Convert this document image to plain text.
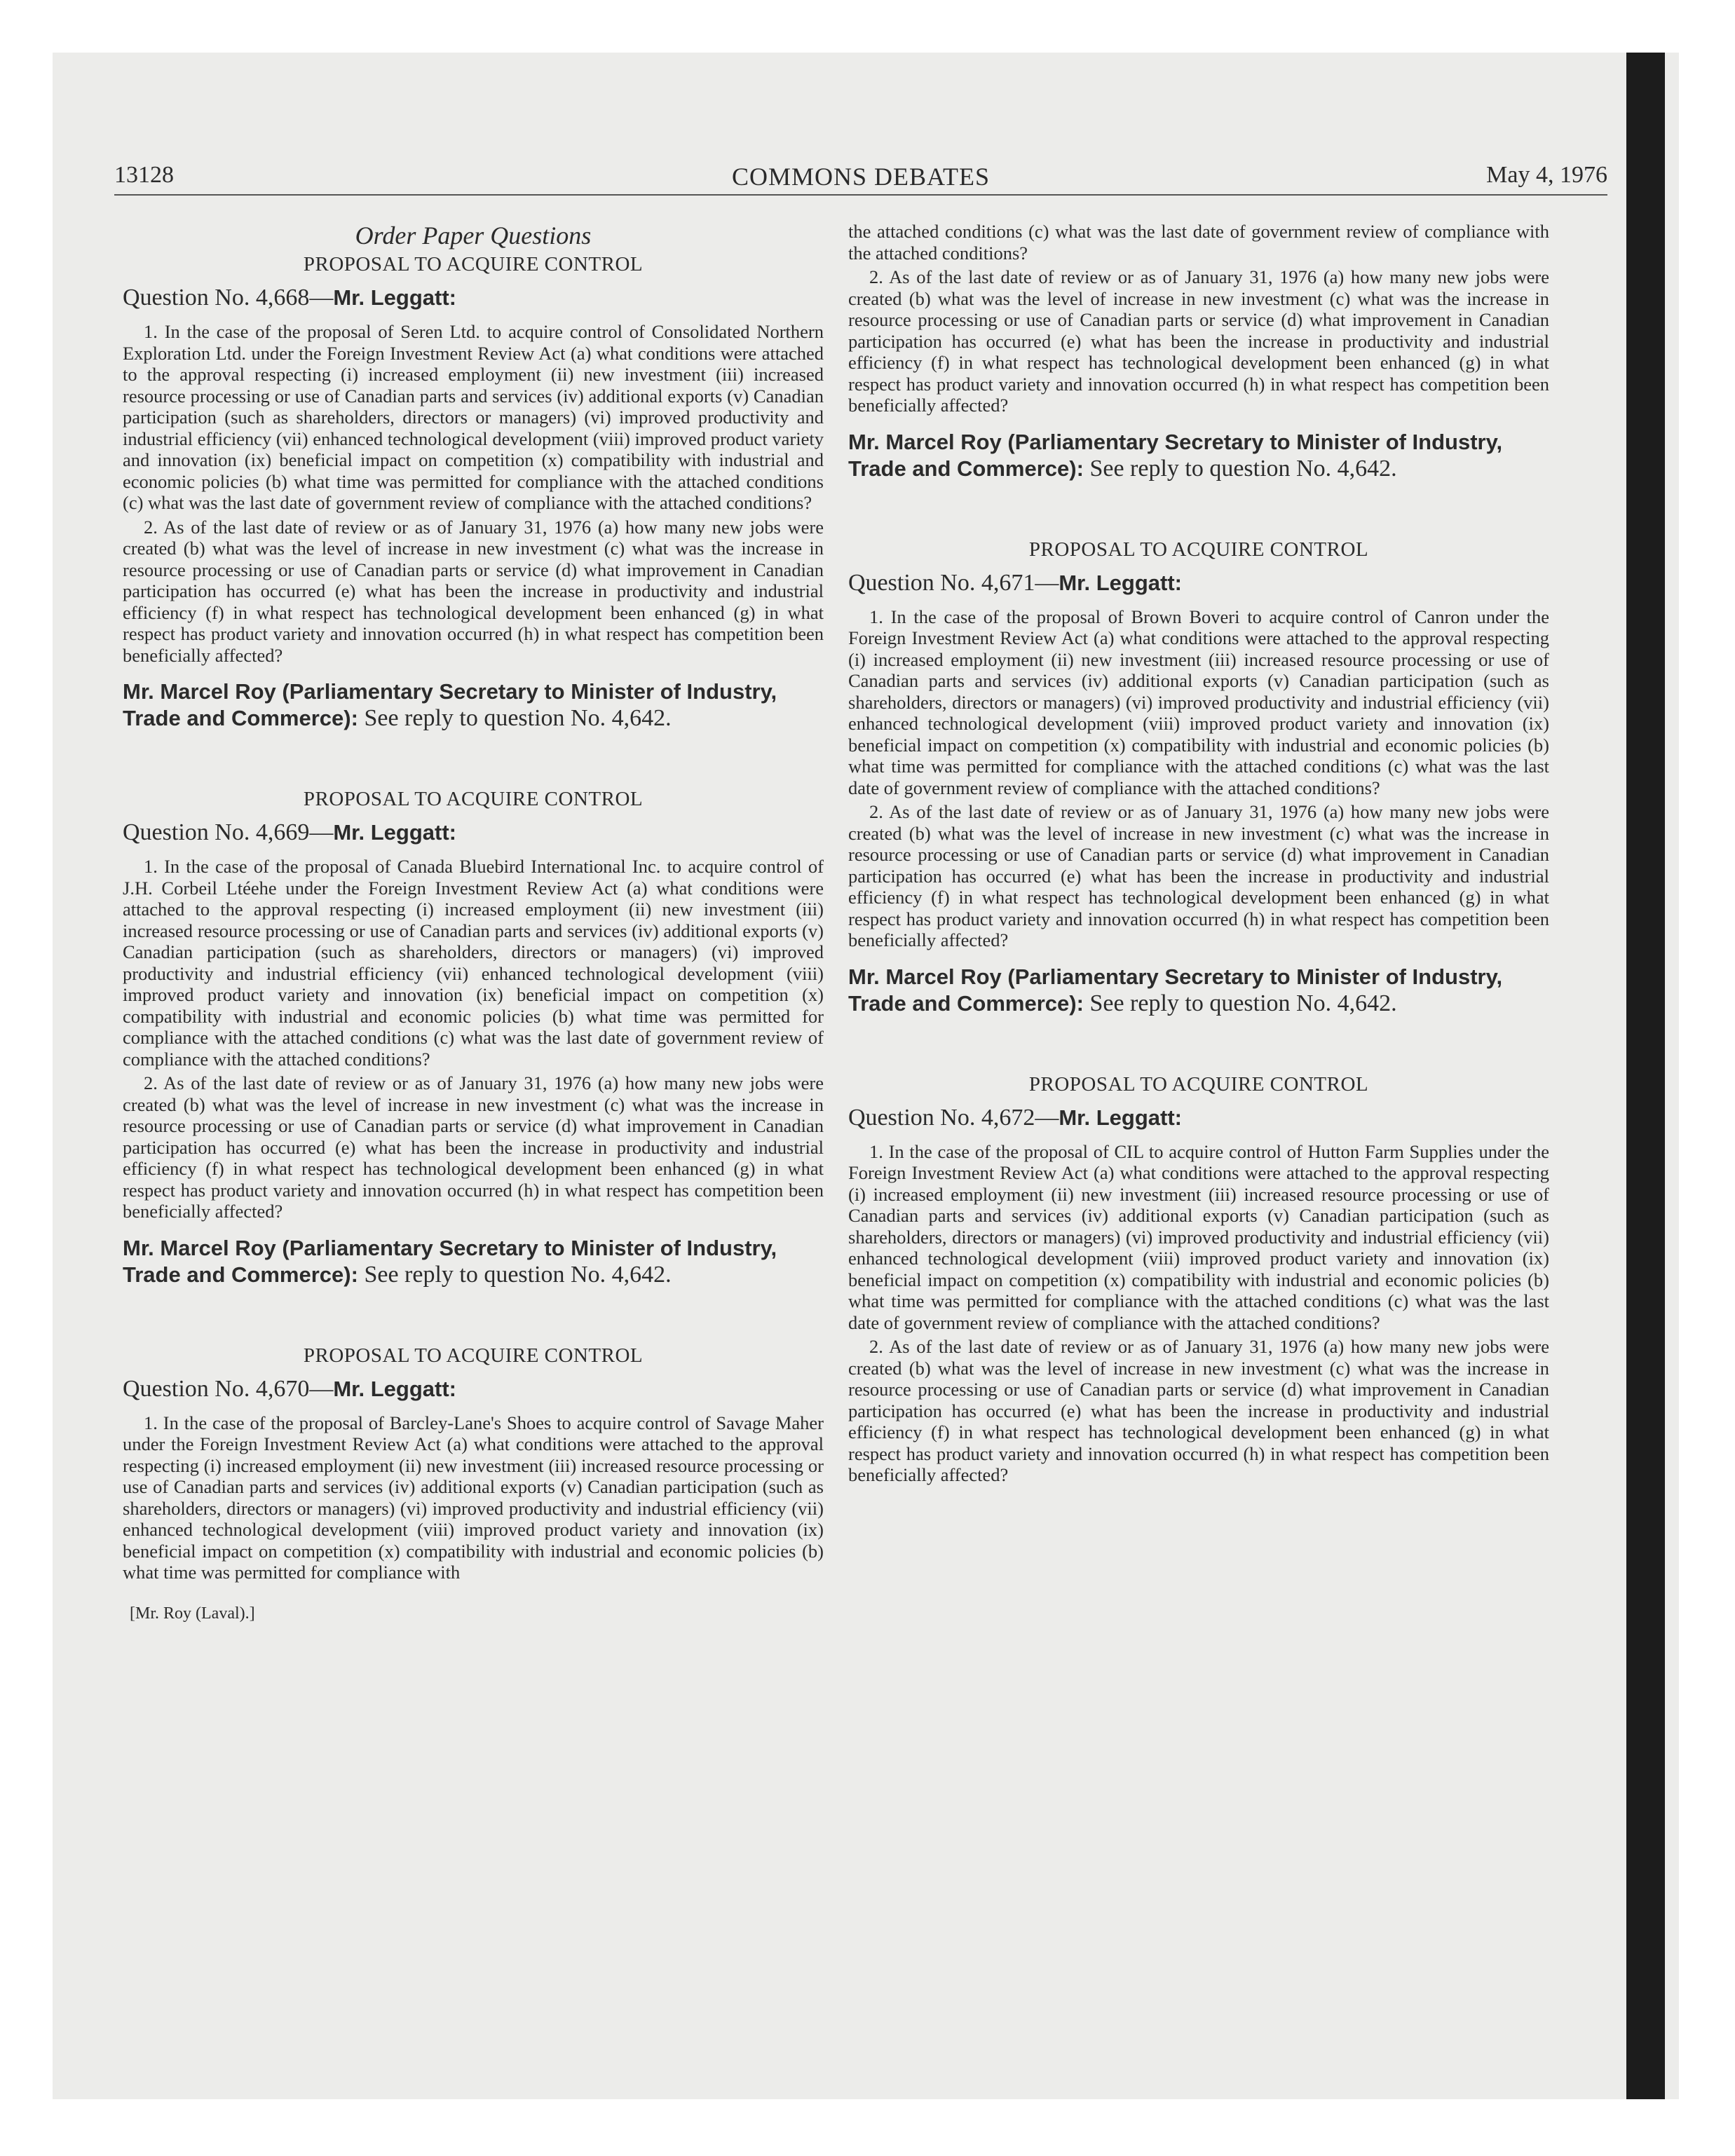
13128	COMMONS DEBATES	May 4, 1976

Order Paper Questions

PROPOSAL TO ACQUIRE CONTROL

Question No. 4,668—Mr. Leggatt:

1. In the case of the proposal of Seren Ltd. to acquire control of Consolidated Northern Exploration Ltd. under the Foreign Investment Review Act (a) what conditions were attached to the approval respecting (i) increased employment (ii) new investment (iii) increased resource processing or use of Canadian parts and services (iv) additional exports (v) Canadian participation (such as shareholders, directors or managers) (vi) improved productivity and industrial efficiency (vii) enhanced technological development (viii) improved product variety and innovation (ix) beneficial impact on competition (x) compatibility with industrial and economic policies (b) what time was permitted for compliance with the attached conditions (c) what was the last date of government review of compliance with the attached conditions?

2. As of the last date of review or as of January 31, 1976 (a) how many new jobs were created (b) what was the level of increase in new investment (c) what was the increase in resource processing or use of Canadian parts or service (d) what improvement in Canadian participation has occurred (e) what has been the increase in productivity and industrial efficiency (f) in what respect has technological development been enhanced (g) in what respect has product variety and innovation occurred (h) in what respect has competition been beneficially affected?

Mr. Marcel Roy (Parliamentary Secretary to Minister of Industry, Trade and Commerce): See reply to question No. 4,642.

PROPOSAL TO ACQUIRE CONTROL

Question No. 4,669—Mr. Leggatt:

1. In the case of the proposal of Canada Bluebird International Inc. to acquire control of J.H. Corbeil Ltéehe under the Foreign Investment Review Act (a) what conditions were attached to the approval respecting (i) increased employment (ii) new investment (iii) increased resource processing or use of Canadian parts and services (iv) additional exports (v) Canadian participation (such as shareholders, directors or managers) (vi) improved productivity and industrial efficiency (vii) enhanced technological development (viii) improved product variety and innovation (ix) beneficial impact on competition (x) compatibility with industrial and economic policies (b) what time was permitted for compliance with the attached conditions (c) what was the last date of government review of compliance with the attached conditions?

2. As of the last date of review or as of January 31, 1976 (a) how many new jobs were created (b) what was the level of increase in new investment (c) what was the increase in resource processing or use of Canadian parts or service (d) what improvement in Canadian participation has occurred (e) what has been the increase in productivity and industrial efficiency (f) in what respect has technological development been enhanced (g) in what respect has product variety and innovation occurred (h) in what respect has competition been beneficially affected?

Mr. Marcel Roy (Parliamentary Secretary to Minister of Industry, Trade and Commerce): See reply to question No. 4,642.

PROPOSAL TO ACQUIRE CONTROL

Question No. 4,670—Mr. Leggatt:

1. In the case of the proposal of Barcley-Lane's Shoes to acquire control of Savage Maher under the Foreign Investment Review Act (a) what conditions were attached to the approval respecting (i) increased employment (ii) new investment (iii) increased resource processing or use of Canadian parts and services (iv) additional exports (v) Canadian participation (such as shareholders, directors or managers) (vi) improved productivity and industrial efficiency (vii) enhanced technological development (viii) improved product variety and innovation (ix) beneficial impact on competition (x) compatibility with industrial and economic policies (b) what time was permitted for compliance with

[Mr. Roy (Laval).]

the attached conditions (c) what was the last date of government review of compliance with the attached conditions?

2. As of the last date of review or as of January 31, 1976 (a) how many new jobs were created (b) what was the level of increase in new investment (c) what was the increase in resource processing or use of Canadian parts or service (d) what improvement in Canadian participation has occurred (e) what has been the increase in productivity and industrial efficiency (f) in what respect has technological development been enhanced (g) in what respect has product variety and innovation occurred (h) in what respect has competition been beneficially affected?

Mr. Marcel Roy (Parliamentary Secretary to Minister of Industry, Trade and Commerce): See reply to question No. 4,642.

PROPOSAL TO ACQUIRE CONTROL

Question No. 4,671—Mr. Leggatt:

1. In the case of the proposal of Brown Boveri to acquire control of Canron under the Foreign Investment Review Act (a) what conditions were attached to the approval respecting (i) increased employment (ii) new investment (iii) increased resource processing or use of Canadian parts and services (iv) additional exports (v) Canadian participation (such as shareholders, directors or managers) (vi) improved productivity and industrial efficiency (vii) enhanced technological development (viii) improved product variety and innovation (ix) beneficial impact on competition (x) compatibility with industrial and economic policies (b) what time was permitted for compliance with the attached conditions (c) what was the last date of government review of compliance with the attached conditions?

2. As of the last date of review or as of January 31, 1976 (a) how many new jobs were created (b) what was the level of increase in new investment (c) what was the increase in resource processing or use of Canadian parts or service (d) what improvement in Canadian participation has occurred (e) what has been the increase in productivity and industrial efficiency (f) in what respect has technological development been enhanced (g) in what respect has product variety and innovation occurred (h) in what respect has competition been beneficially affected?

Mr. Marcel Roy (Parliamentary Secretary to Minister of Industry, Trade and Commerce): See reply to question No. 4,642.

PROPOSAL TO ACQUIRE CONTROL

Question No. 4,672—Mr. Leggatt:

1. In the case of the proposal of CIL to acquire control of Hutton Farm Supplies under the Foreign Investment Review Act (a) what conditions were attached to the approval respecting (i) increased employment (ii) new investment (iii) increased resource processing or use of Canadian parts and services (iv) additional exports (v) Canadian participation (such as shareholders, directors or managers) (vi) improved productivity and industrial efficiency (vii) enhanced technological development (viii) improved product variety and innovation (ix) beneficial impact on competition (x) compatibility with industrial and economic policies (b) what time was permitted for compliance with the attached conditions (c) what was the last date of government review of compliance with the attached conditions?

2. As of the last date of review or as of January 31, 1976 (a) how many new jobs were created (b) what was the level of increase in new investment (c) what was the increase in resource processing or use of Canadian parts or service (d) what improvement in Canadian participation has occurred (e) what has been the increase in productivity and industrial efficiency (f) in what respect has technological development been enhanced (g) in what respect has product variety and innovation occurred (h) in what respect has competition been beneficially affected?
